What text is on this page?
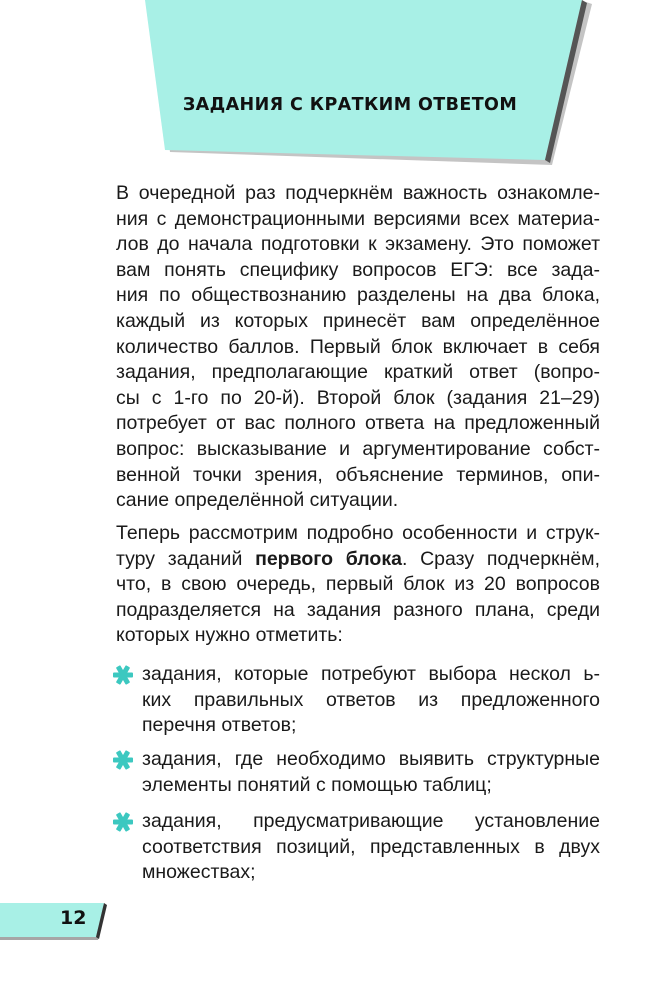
ЗАДАНИЯ С КРАТКИМ ОТВЕТОМ
В очередной раз подчеркнём важность ознакомле-
ния с демонстрационными версиями всех материа-
лов до начала подготовки к экзамену. Это поможет
вам понять специфику вопросов ЕГЭ: все зада-
ния по обществознанию разделены на два блока,
каждый из которых принесёт вам определённое
количество баллов. Первый блок включает в себя
задания, предполагающие краткий ответ (вопро-
сы с 1-го по 20-й). Второй блок (задания 21–29)
потребует от вас полного ответа на предложенный
вопрос: высказывание и аргументирование собст-
венной точки зрения, объяснение терминов, опи-
сание определённой ситуации.
Теперь рассмотрим подробно особенности и струк-
туру заданий первого блока. Сразу подчеркнём,
что, в свою очередь, первый блок из 20 вопросов
подразделяется на задания разного плана, среди
которых нужно отметить:
задания, которые потребуют выбора нескол ь-
ких правильных ответов из предложенного
перечня ответов;
задания, где необходимо выявить структурные
элементы понятий с помощью таблиц;
задания, предусматривающие установление
соответствия позиций, представленных в двух
множествах;
12
